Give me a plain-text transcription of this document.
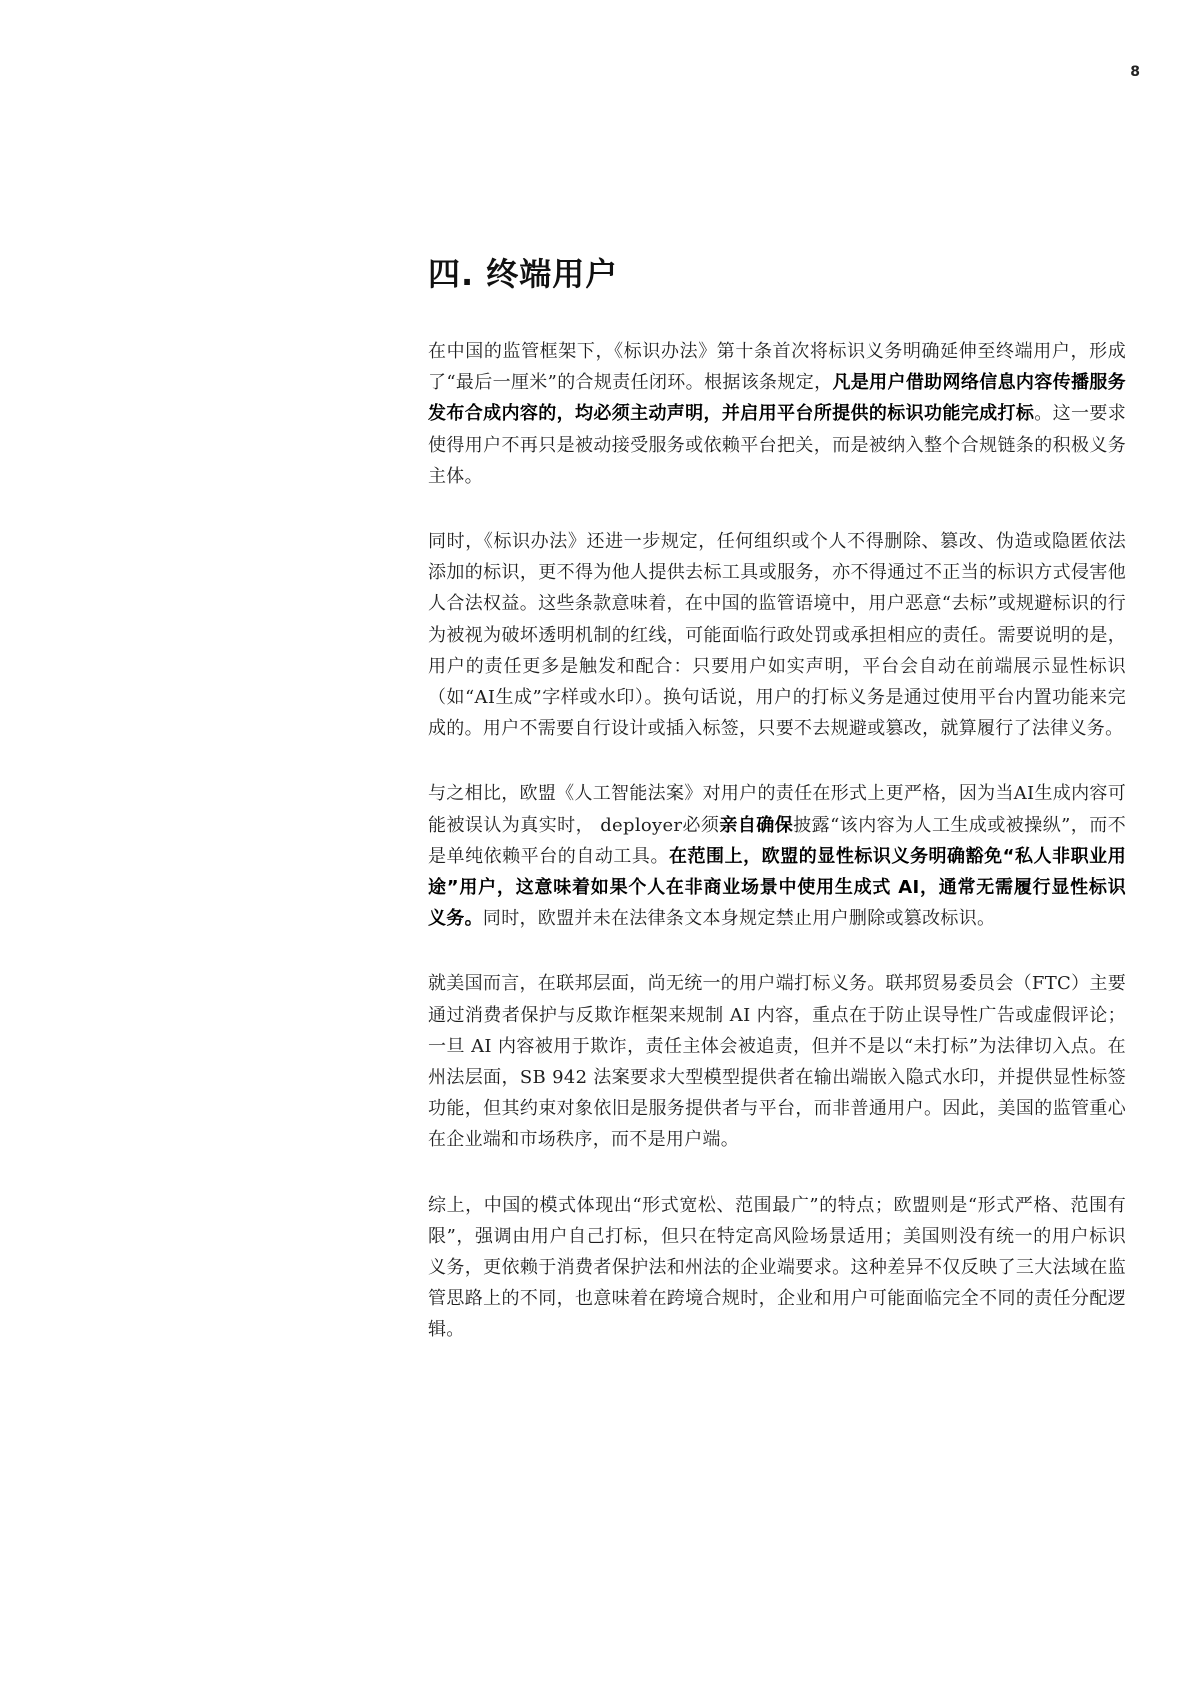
8
四. 终端用户

在中国的监管框架下，《标识办法》第十条首次将标识义务明确延伸至终端用户，形成了“最后一厘米”的合规责任闭环。根据该条规定，凡是用户借助网络信息内容传播服务发布合成内容的，均必须主动声明，并启用平台所提供的标识功能完成打标。这一要求使得用户不再只是被动接受服务或依赖平台把关，而是被纳入整个合规链条的积极义务主体。

同时，《标识办法》还进一步规定，任何组织或个人不得删除、篡改、伪造或隐匿依法添加的标识，更不得为他人提供去标工具或服务，亦不得通过不正当的标识方式侵害他人合法权益。这些条款意味着，在中国的监管语境中，用户恶意“去标”或规避标识的行为被视为破坏透明机制的红线，可能面临行政处罚或承担相应的责任。需要说明的是，用户的责任更多是触发和配合：只要用户如实声明，平台会自动在前端展示显性标识（如“AI生成”字样或水印）。换句话说，用户的打标义务是通过使用平台内置功能来完成的。用户不需要自行设计或插入标签，只要不去规避或篡改，就算履行了法律义务。

与之相比，欧盟《人工智能法案》对用户的责任在形式上更严格，因为当AI生成内容可能被误认为真实时， deployer必须亲自确保披露“该内容为人工生成或被操纵”，而不是单纯依赖平台的自动工具。在范围上，欧盟的显性标识义务明确豁免“私人非职业用途”用户，这意味着如果个人在非商业场景中使用生成式 AI，通常无需履行显性标识义务。同时，欧盟并未在法律条文本身规定禁止用户删除或篡改标识。

就美国而言，在联邦层面，尚无统一的用户端打标义务。联邦贸易委员会（FTC）主要通过消费者保护与反欺诈框架来规制 AI 内容，重点在于防止误导性广告或虚假评论；一旦 AI 内容被用于欺诈，责任主体会被追责，但并不是以“未打标”为法律切入点。在州法层面，SB 942 法案要求大型模型提供者在输出端嵌入隐式水印，并提供显性标签功能，但其约束对象依旧是服务提供者与平台，而非普通用户。因此，美国的监管重心在企业端和市场秩序，而不是用户端。

综上，中国的模式体现出“形式宽松、范围最广”的特点；欧盟则是“形式严格、范围有限”，强调由用户自己打标，但只在特定高风险场景适用；美国则没有统一的用户标识义务，更依赖于消费者保护法和州法的企业端要求。这种差异不仅反映了三大法域在监管思路上的不同，也意味着在跨境合规时，企业和用户可能面临完全不同的责任分配逻辑。
